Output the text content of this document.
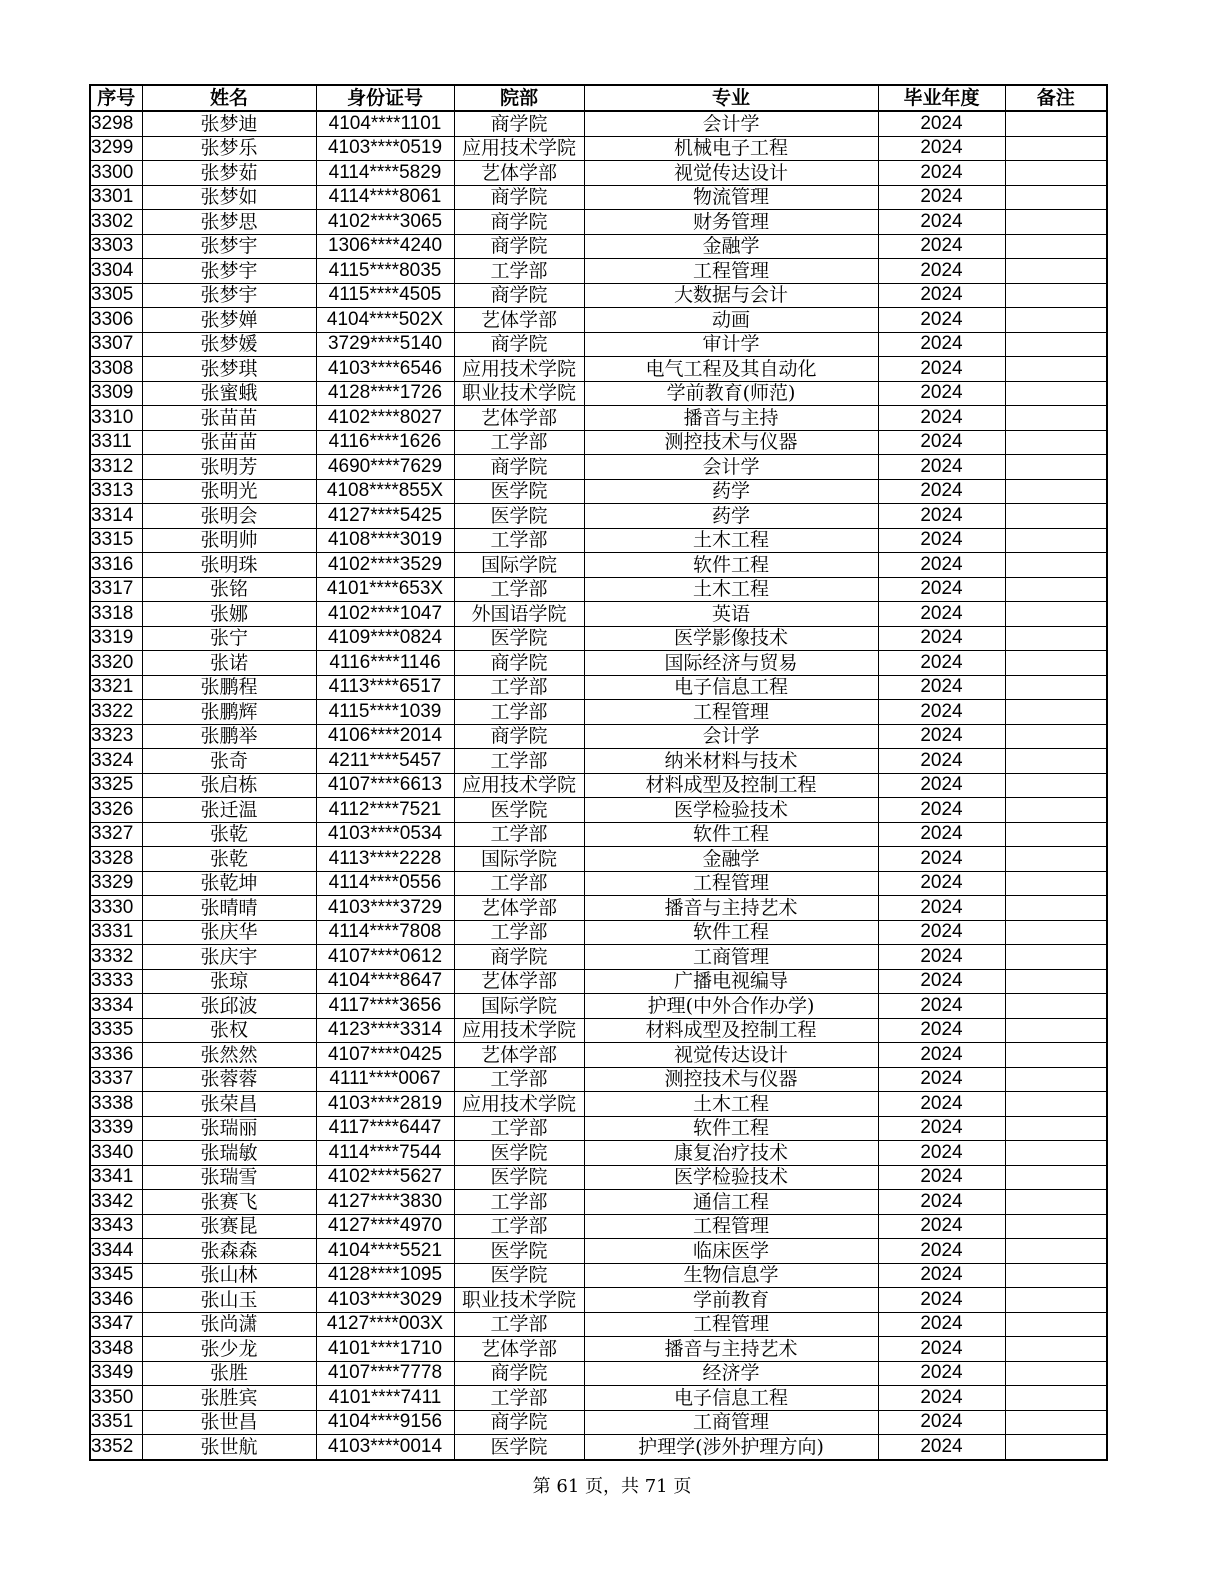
序号	姓名	身份证号	院部	专业	毕业年度	备注
3298	张梦迪	4104****1101	商学院	会计学	2024	
3299	张梦乐	4103****0519	应用技术学院	机械电子工程	2024	
3300	张梦茹	4114****5829	艺体学部	视觉传达设计	2024	
3301	张梦如	4114****8061	商学院	物流管理	2024	
3302	张梦思	4102****3065	商学院	财务管理	2024	
3303	张梦宇	1306****4240	商学院	金融学	2024	
3304	张梦宇	4115****8035	工学部	工程管理	2024	
3305	张梦宇	4115****4505	商学院	大数据与会计	2024	
3306	张梦婵	4104****502X	艺体学部	动画	2024	
3307	张梦媛	3729****5140	商学院	审计学	2024	
3308	张梦琪	4103****6546	应用技术学院	电气工程及其自动化	2024	
3309	张蜜蛾	4128****1726	职业技术学院	学前教育(师范)	2024	
3310	张苗苗	4102****8027	艺体学部	播音与主持	2024	
3311	张苗苗	4116****1626	工学部	测控技术与仪器	2024	
3312	张明芳	4690****7629	商学院	会计学	2024	
3313	张明光	4108****855X	医学院	药学	2024	
3314	张明会	4127****5425	医学院	药学	2024	
3315	张明帅	4108****3019	工学部	土木工程	2024	
3316	张明珠	4102****3529	国际学院	软件工程	2024	
3317	张铭	4101****653X	工学部	土木工程	2024	
3318	张娜	4102****1047	外国语学院	英语	2024	
3319	张宁	4109****0824	医学院	医学影像技术	2024	
3320	张诺	4116****1146	商学院	国际经济与贸易	2024	
3321	张鹏程	4113****6517	工学部	电子信息工程	2024	
3322	张鹏辉	4115****1039	工学部	工程管理	2024	
3323	张鹏举	4106****2014	商学院	会计学	2024	
3324	张奇	4211****5457	工学部	纳米材料与技术	2024	
3325	张启栋	4107****6613	应用技术学院	材料成型及控制工程	2024	
3326	张迁温	4112****7521	医学院	医学检验技术	2024	
3327	张乾	4103****0534	工学部	软件工程	2024	
3328	张乾	4113****2228	国际学院	金融学	2024	
3329	张乾坤	4114****0556	工学部	工程管理	2024	
3330	张晴晴	4103****3729	艺体学部	播音与主持艺术	2024	
3331	张庆华	4114****7808	工学部	软件工程	2024	
3332	张庆宇	4107****0612	商学院	工商管理	2024	
3333	张琼	4104****8647	艺体学部	广播电视编导	2024	
3334	张邱波	4117****3656	国际学院	护理(中外合作办学)	2024	
3335	张权	4123****3314	应用技术学院	材料成型及控制工程	2024	
3336	张然然	4107****0425	艺体学部	视觉传达设计	2024	
3337	张蓉蓉	4111****0067	工学部	测控技术与仪器	2024	
3338	张荣昌	4103****2819	应用技术学院	土木工程	2024	
3339	张瑞丽	4117****6447	工学部	软件工程	2024	
3340	张瑞敏	4114****7544	医学院	康复治疗技术	2024	
3341	张瑞雪	4102****5627	医学院	医学检验技术	2024	
3342	张赛飞	4127****3830	工学部	通信工程	2024	
3343	张赛昆	4127****4970	工学部	工程管理	2024	
3344	张森森	4104****5521	医学院	临床医学	2024	
3345	张山林	4128****1095	医学院	生物信息学	2024	
3346	张山玉	4103****3029	职业技术学院	学前教育	2024	
3347	张尚潇	4127****003X	工学部	工程管理	2024	
3348	张少龙	4101****1710	艺体学部	播音与主持艺术	2024	
3349	张胜	4107****7778	商学院	经济学	2024	
3350	张胜宾	4101****7411	工学部	电子信息工程	2024	
3351	张世昌	4104****9156	商学院	工商管理	2024	
3352	张世航	4103****0014	医学院	护理学(涉外护理方向)	2024	
第 61 页，共 71 页
